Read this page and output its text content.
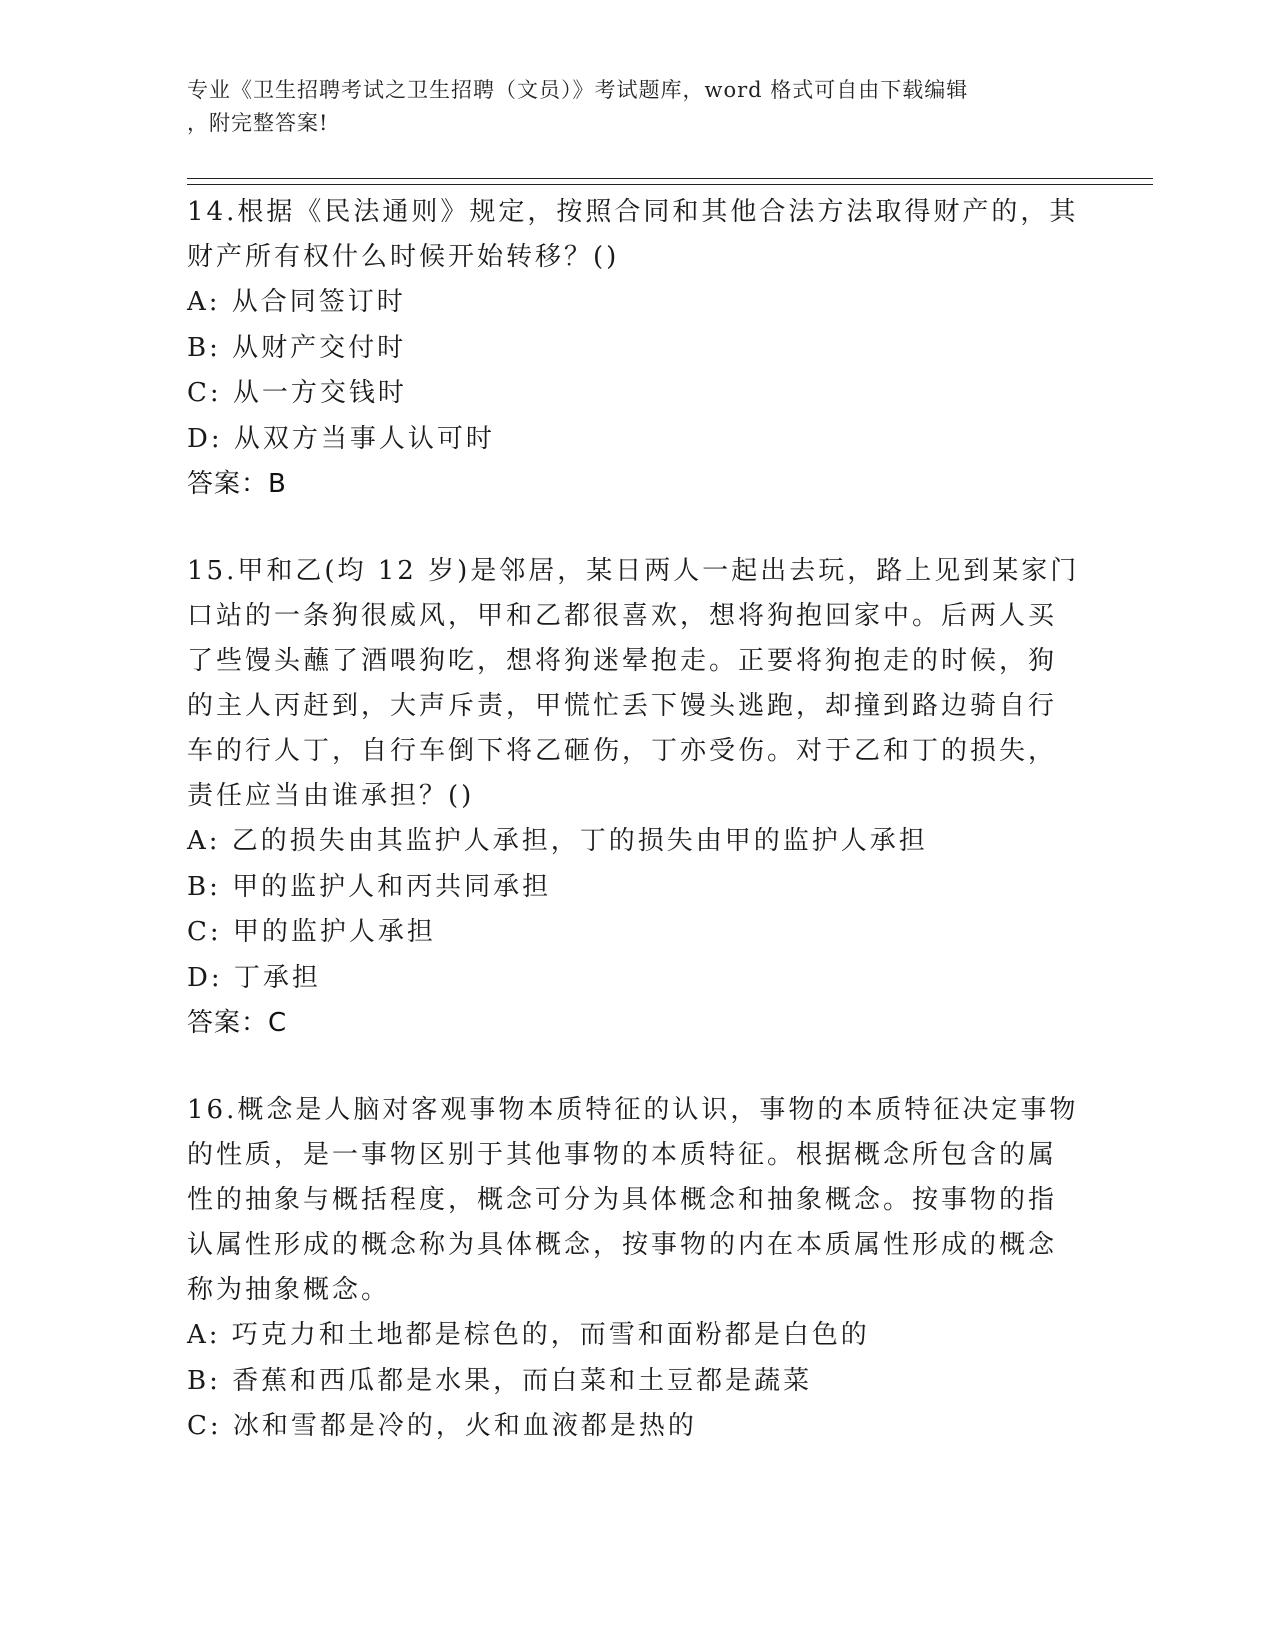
专业《卫生招聘考试之卫生招聘（文员）》考试题库，word 格式可自由下载编辑
，附完整答案!
14.根据《民法通则》规定，按照合同和其他合法方法取得财产的，其
财产所有权什么时候开始转移？()
A: 从合同签订时
B: 从财产交付时
C: 从一方交钱时
D: 从双方当事人认可时
答案：B
15.甲和乙(均 12 岁)是邻居，某日两人一起出去玩，路上见到某家门
口站的一条狗很威风，甲和乙都很喜欢，想将狗抱回家中。后两人买
了些馒头蘸了酒喂狗吃，想将狗迷晕抱走。正要将狗抱走的时候，狗
的主人丙赶到，大声斥责，甲慌忙丢下馒头逃跑，却撞到路边骑自行
车的行人丁，自行车倒下将乙砸伤，丁亦受伤。对于乙和丁的损失，
责任应当由谁承担？()
A: 乙的损失由其监护人承担，丁的损失由甲的监护人承担
B: 甲的监护人和丙共同承担
C: 甲的监护人承担
D: 丁承担
答案：C
16.概念是人脑对客观事物本质特征的认识，事物的本质特征决定事物
的性质，是一事物区别于其他事物的本质特征。根据概念所包含的属
性的抽象与概括程度，概念可分为具体概念和抽象概念。按事物的指
认属性形成的概念称为具体概念，按事物的内在本质属性形成的概念
称为抽象概念。
A: 巧克力和土地都是棕色的，而雪和面粉都是白色的
B: 香蕉和西瓜都是水果，而白菜和土豆都是蔬菜
C: 冰和雪都是冷的，火和血液都是热的
